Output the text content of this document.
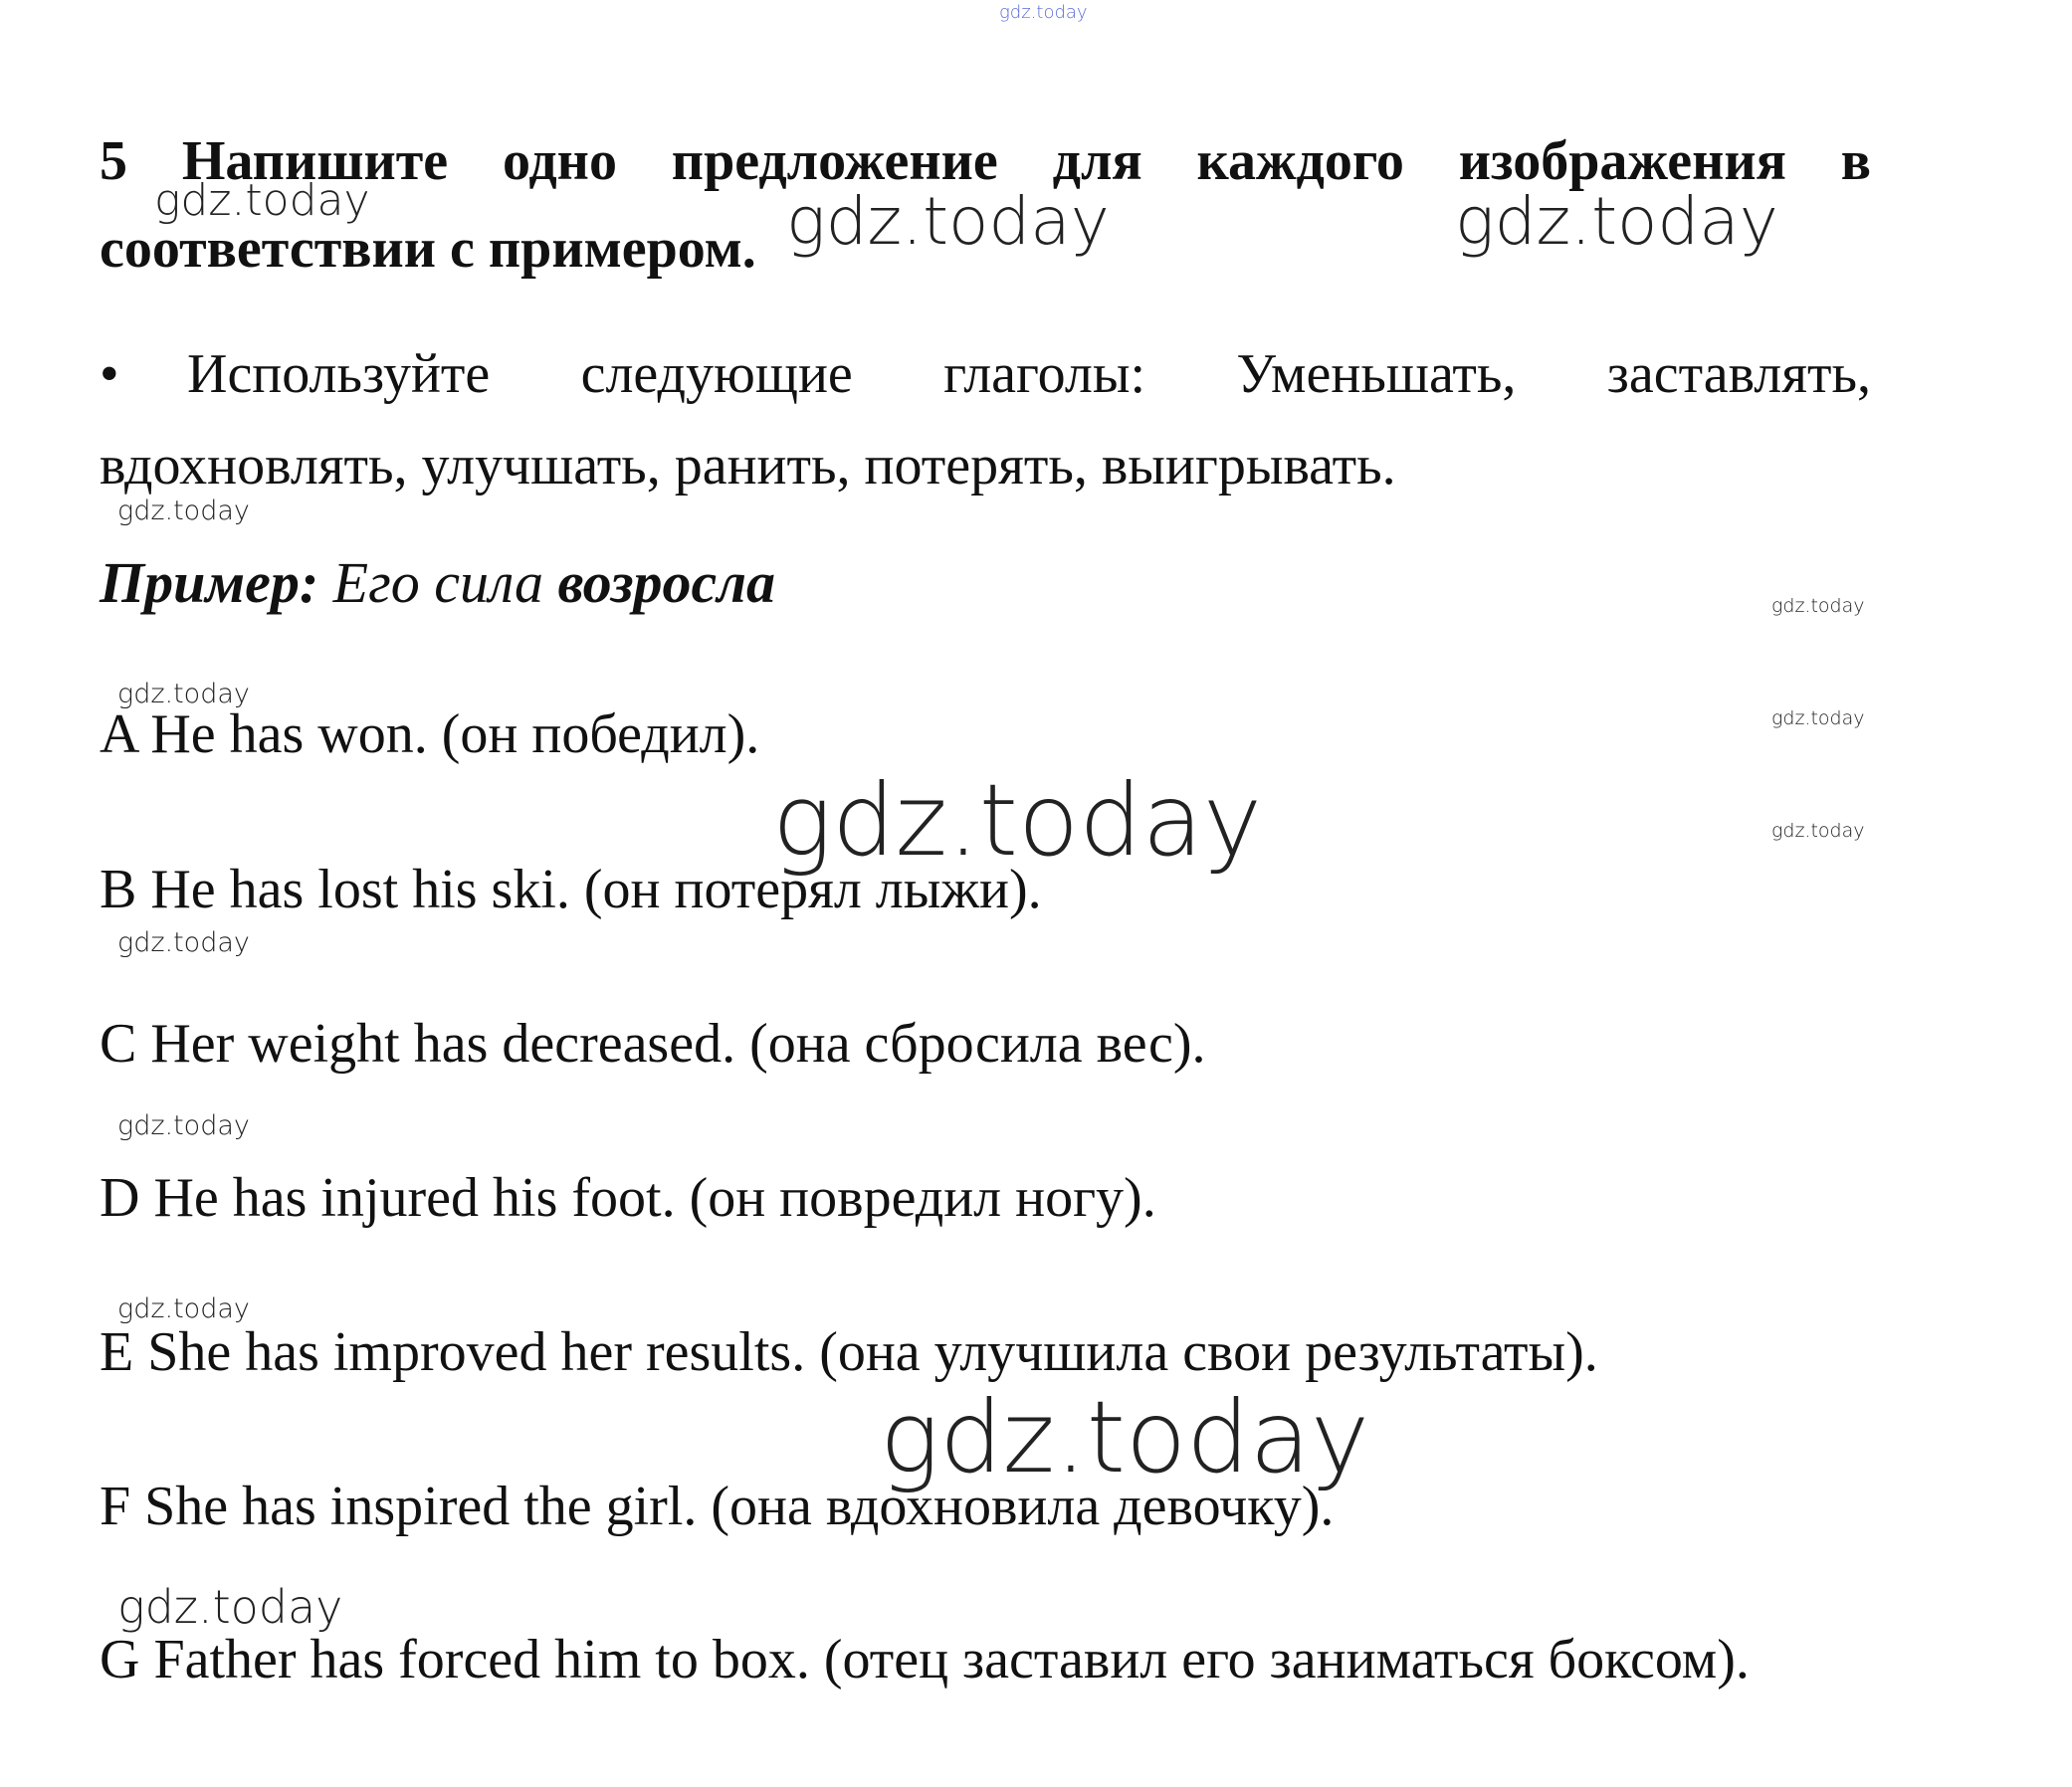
gdz.today

5 Напишите одно предложение для каждого изображения в соответствии с примером.

• Используйте следующие глаголы: Уменьшать, заставлять, вдохновлять, улучшать, ранить, потерять, выигрывать.

Пример: Его сила возросла

A He has won. (он победил).

B He has lost his ski. (он потерял лыжи).

C Her weight has decreased. (она сбросила вес).

D He has injured his foot. (он повредил ногу).

E She has improved her results. (она улучшила свои результаты).

F She has inspired the girl. (она вдохновила девочку).

G Father has forced him to box. (отец заставил его заниматься боксом).

gdz.today	gdz.today	gdz.today
gdz.today
gdz.today
gdz.today
gdz.today
gdz.today	gdz.today
gdz.today
gdz.today
gdz.today
gdz.today
gdz.today
